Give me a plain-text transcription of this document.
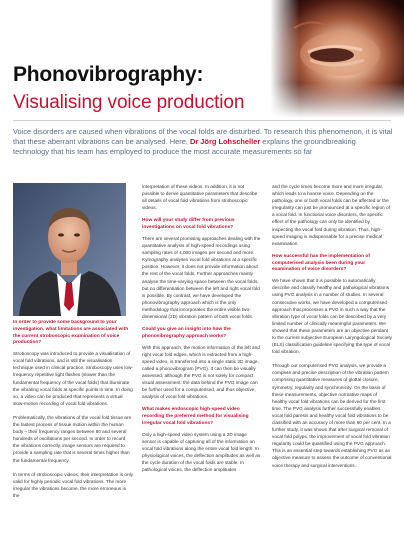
Phonovibrography:
Visualising voice production
Voice disorders are caused when vibrations of the vocal folds are disturbed. To research this phenomenon, it is vital that these aberrant vibrations can be analysed. Here, Dr Jörg Lohscheller explains the groundbreaking technology that his team has employed to produce the most accurate measurements so far

In order to provide some background to your investigation, what limitations are associated with the current stroboscopic examination of voice production?

Stroboscopy was introduced to provide a visualisation of vocal fold vibrations, and is still the visualisation technique used in clinical practice. Stroboscopy uses low-frequency repetitive light flashes (slower than the fundamental frequency of the vocal folds) that illuminate the vibrating vocal folds at specific points in time. In doing so, a video can be produced that represents a virtual slow-motion recording of vocal fold vibrations.

Problematically, the vibrations of the vocal fold tissue are the fastest process of tissue motion within the human body – their frequency ranges between 80 and several hundreds of oscillations per second. In order to record the vibrations correctly, image sensors are required to provide a sampling rate that is several times higher than the fundamental frequency.

In terms of stroboscopic videos, their interpretation is only valid for highly periodic vocal fold vibrations. The more irregular the vibrations become, the more erroneous is the

interpretation of these videos. In addition, it is not possible to derive quantitative parameters that describe all details of vocal fold vibrations from stroboscopic videos.

How will your study differ from previous investigations on vocal fold vibrations?

There are several promising approaches dealing with the quantitative analysis of high-speed recordings using sampling rates of 4,000 images per second and more. Kymography analyses vocal fold vibrations at a specific position. However, it does not provide information about the rest of the vocal folds. Further approaches mainly analyse the time-varying space between the vocal folds, but no differentiation between the left and right vocal fold is possible. By contrast, we have developed the phonovibrography approach which is the only methodology that incorporates the entire visible two-dimensional (2D) vibration pattern of both vocal folds.

Could you give an insight into how the phonovibrography approach works?

With this approach, the motion information of the left and right vocal fold edges, which is extracted from a high-speed video, is transferred into a single static 2D image, called a phonovibrogram (PVG). It can then be visually assessed, although the PVG is not solely for compact visual assessment: the data behind the PVG image can be further used for a computerised, and thus objective, analysis of vocal fold vibrations.

What makes endoscopic high-speed video recording the preferred method for visualising irregular vocal fold vibrations?

Only a high-speed video system using a 2D image sensor is capable of capturing all of the information on vocal fold vibrations along the entire vocal fold length. In physiological voices, the deflection amplitudes as well as the cycle duration of the vocal folds are stable. In pathological voices, the deflection amplitudes

and the cycle times become more and more irregular, which leads to a hoarse voice. Depending on the pathology, one or both vocal folds can be affected or the irregularity can just be pronounced at a specific region of a vocal fold. In functional voice disorders, the specific effect of the pathology can only be identified by inspecting the vocal fold during vibration. Thus, high-speed imaging is indispensable for a precise medical examination.

How successful has the implementation of computerised analysis been during your examination of voice disorders?

We have shown that it is possible to automatically describe and classify healthy and pathological vibrations using PVG analysis in a number of studies. In several consecutive works, we have developed a computerised approach that processes a PVG in such a way that the vibration type of vocal folds can be described by a very limited number of clinically meaningful parameters. We showed that these parameters are an objective pendant to the current subjective European Laryngological Society (ELS) classification guideline specifying the type of vocal fold vibration.

Through our computerised PVG analysis, we provide a complete and precise description of the vibration pattern comprising quantitative measures of glottal closure, symmetry, regularity and synchronicity. On the basis of these measurements, objective normative maps of healthy vocal fold vibrations can be derived for the first time. The PVG analysis further successfully enables vocal fold paresis and healthy vocal fold vibrations to be classified with an accuracy of more than 90 per cent. In a further study, it was shown that after surgical removal of vocal fold polyps, the improvement of vocal fold vibration regularity could be quantified using the PVG approach. This is an essential step towards establishing PVG as an objective measure to assess the outcome of conventional voice therapy and surgical interventions.
